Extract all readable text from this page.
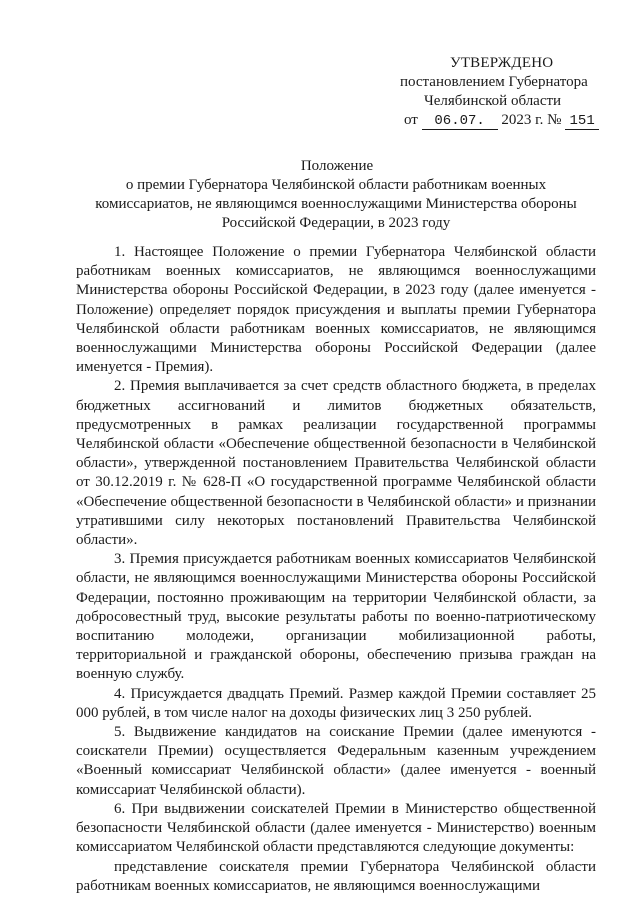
УТВЕРЖДЕНО
постановлением Губернатора
Челябинской области
от 06.07. 2023 г. № 151
Положение
о премии Губернатора Челябинской области работникам военных комиссариатов, не являющимся военнослужащими Министерства обороны Российской Федерации, в 2023 году

1. Настоящее Положение о премии Губернатора Челябинской области работникам военных комиссариатов, не являющимся военнослужащими Министерства обороны Российской Федерации, в 2023 году (далее именуется - Положение) определяет порядок присуждения и выплаты премии Губернатора Челябинской области работникам военных комиссариатов, не являющимся военнослужащими Министерства обороны Российской Федерации (далее именуется - Премия).

2. Премия выплачивается за счет средств областного бюджета, в пределах бюджетных ассигнований и лимитов бюджетных обязательств, предусмотренных в рамках реализации государственной программы Челябинской области «Обеспечение общественной безопасности в Челябинской области», утвержденной постановлением Правительства Челябинской области от 30.12.2019 г. № 628-П «О государственной программе Челябинской области «Обеспечение общественной безопасности в Челябинской области» и признании утратившими силу некоторых постановлений Правительства Челябинской области».

3. Премия присуждается работникам военных комиссариатов Челябинской области, не являющимся военнослужащими Министерства обороны Российской Федерации, постоянно проживающим на территории Челябинской области, за добросовестный труд, высокие результаты работы по военно-патриотическому воспитанию молодежи, организации мобилизационной работы, территориальной и гражданской обороны, обеспечению призыва граждан на военную службу.

4. Присуждается двадцать Премий. Размер каждой Премии составляет 25 000 рублей, в том числе налог на доходы физических лиц 3 250 рублей.

5. Выдвижение кандидатов на соискание Премии (далее именуются - соискатели Премии) осуществляется Федеральным казенным учреждением «Военный комиссариат Челябинской области» (далее именуется - военный комиссариат Челябинской области).

6. При выдвижении соискателей Премии в Министерство общественной безопасности Челябинской области (далее именуется - Министерство) военным комиссариатом Челябинской области представляются следующие документы:

представление соискателя премии Губернатора Челябинской области работникам военных комиссариатов, не являющимся военнослужащими
